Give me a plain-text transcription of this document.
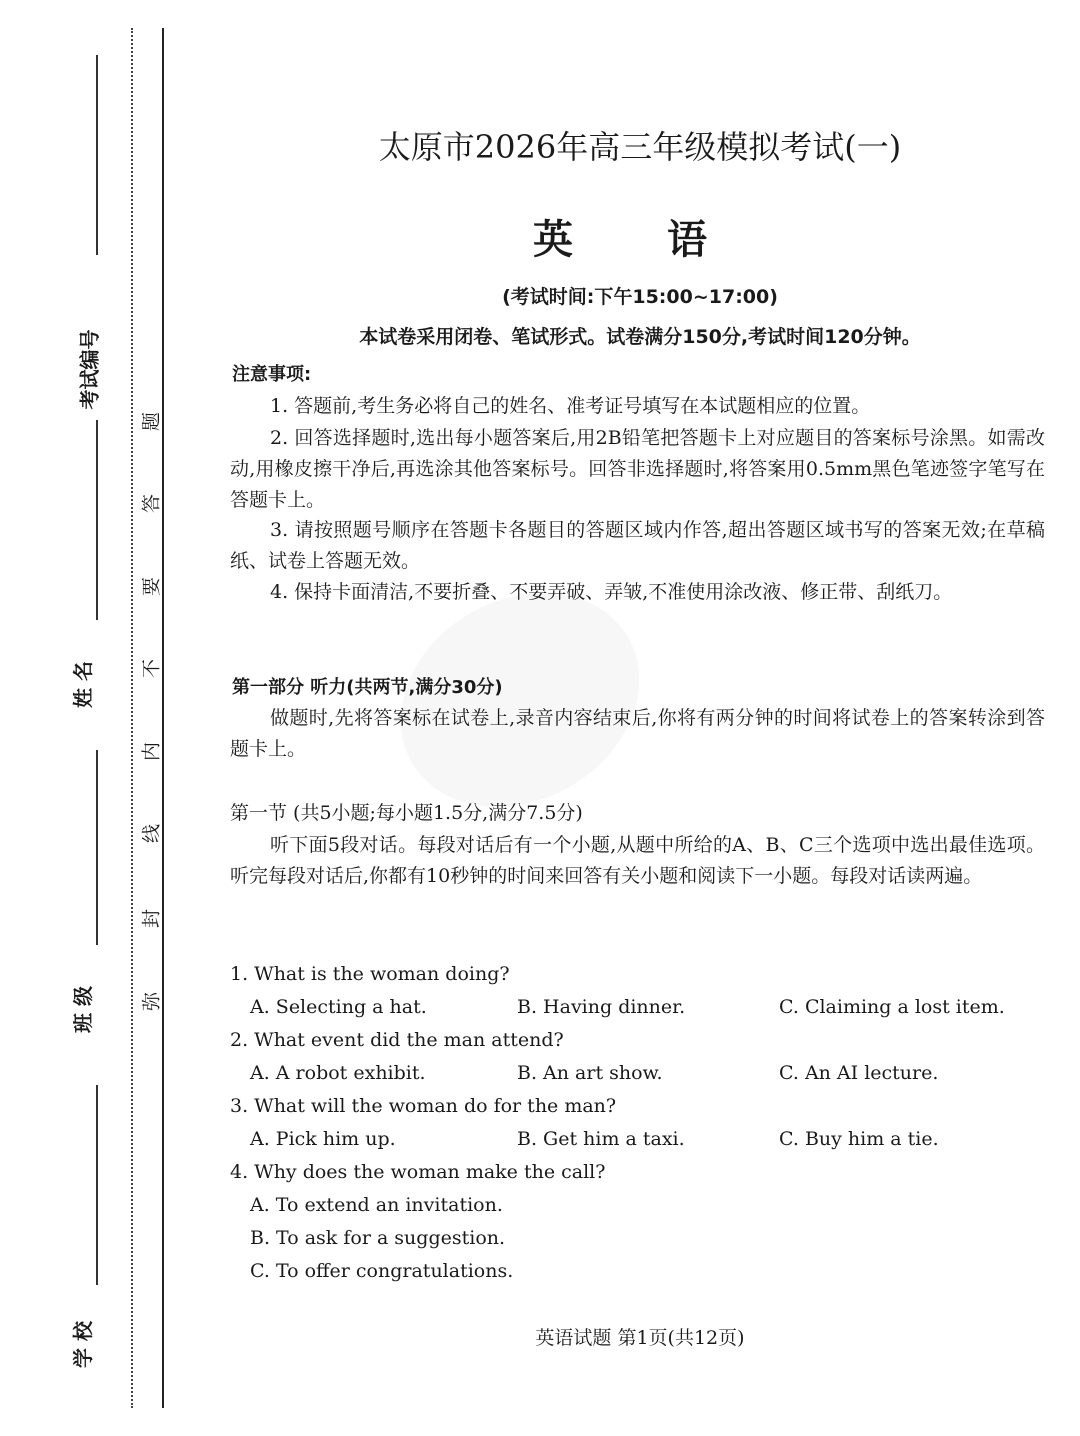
考试编号
姓 名
班 级
学 校
弥
封
线
内
不
要
答
题
太原市2026年高三年级模拟考试(一)
英 语
(考试时间:下午15:00~17:00)
本试卷采用闭卷、笔试形式。试卷满分150分,考试时间120分钟。
注意事项:
1. 答题前,考生务必将自己的姓名、准考证号填写在本试题相应的位置。
2. 回答选择题时,选出每小题答案后,用2B铅笔把答题卡上对应题目的答案标号涂黑。如需改动,用橡皮擦干净后,再选涂其他答案标号。回答非选择题时,将答案用0.5mm黑色笔迹签字笔写在答题卡上。
3. 请按照题号顺序在答题卡各题目的答题区域内作答,超出答题区域书写的答案无效;在草稿纸、试卷上答题无效。
4. 保持卡面清洁,不要折叠、不要弄破、弄皱,不准使用涂改液、修正带、刮纸刀。
第一部分 听力(共两节,满分30分)
做题时,先将答案标在试卷上,录音内容结束后,你将有两分钟的时间将试卷上的答案转涂到答题卡上。
第一节 (共5小题;每小题1.5分,满分7.5分)
听下面5段对话。每段对话后有一个小题,从题中所给的A、B、C三个选项中选出最佳选项。听完每段对话后,你都有10秒钟的时间来回答有关小题和阅读下一小题。每段对话读两遍。
1. What is the woman doing?
A. Selecting a hat.	B. Having dinner.	C. Claiming a lost item.
2. What event did the man attend?
A. A robot exhibit.	B. An art show.	C. An AI lecture.
3. What will the woman do for the man?
A. Pick him up.	B. Get him a taxi.	C. Buy him a tie.
4. Why does the woman make the call?
A. To extend an invitation.
B. To ask for a suggestion.
C. To offer congratulations.
英语试题 第1页(共12页)
